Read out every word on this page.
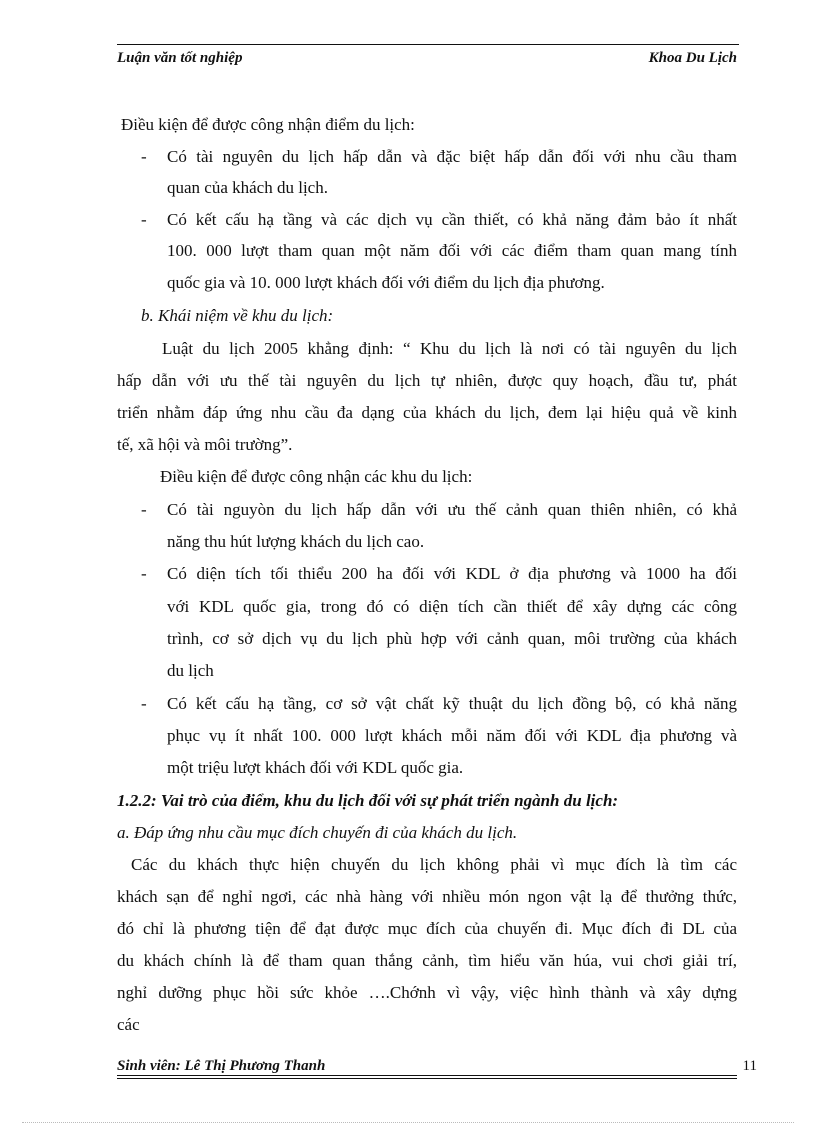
Luận văn tốt nghiệp	Khoa Du Lịch
Điều kiện để được công nhận điểm du lịch:
- Có tài nguyên du lịch hấp dẫn và đặc biệt hấp dẫn đối với nhu cầu tham
quan của khách du lịch.
- Có kết cấu hạ tầng và các dịch vụ cần thiết, có khả năng đảm bảo ít nhất
100. 000 lượt tham quan một năm đối với các điểm tham quan mang tính
quốc gia và 10. 000 lượt khách đối với điểm du lịch địa phương.
b. Khái niệm về khu du lịch:
Luật du lịch 2005 khẳng định: “ Khu du lịch là nơi có tài nguyên du lịch
hấp dẫn với ưu thế tài nguyên du lịch tự nhiên, được quy hoạch, đầu tư, phát
triển nhằm đáp ứng nhu cầu đa dạng của khách du lịch, đem lại hiệu quả về kinh
tế, xã hội và môi trường”.
Điều kiện để được công nhận các khu du lịch:
- Có tài nguyòn du lịch hấp dẫn với ưu thế cảnh quan thiên nhiên, có khả
năng thu hút lượng khách du lịch cao.
- Có diện tích tối thiểu 200 ha đối với KDL ở địa phương và 1000 ha đối
với KDL quốc gia, trong đó có diện tích cần thiết để xây dựng các công
trình, cơ sở dịch vụ du lịch phù hợp với cảnh quan, môi trường của khách
du lịch
- Có kết cấu hạ tầng, cơ sở vật chất kỹ thuật du lịch đồng bộ, có khả năng
phục vụ ít nhất 100. 000 lượt khách mỗi năm đối với KDL địa phương và
một triệu lượt khách đối với KDL quốc gia.
1.2.2: Vai trò của điểm, khu du lịch đối với sự phát triển ngành du lịch:
a. Đáp ứng nhu cầu mục đích chuyến đi của khách du lịch.
Các du khách thực hiện chuyến du lịch không phải vì mục đích là tìm các
khách sạn để nghỉ ngơi, các nhà hàng với nhiều món ngon vật lạ để thưởng thức,
đó chỉ là phương tiện để đạt được mục đích của chuyến đi. Mục đích đi DL của
du khách chính là để tham quan thắng cảnh, tìm hiểu văn húa, vui chơi giải trí,
nghỉ dưỡng phục hồi sức khỏe ….Chớnh vì vậy, việc hình thành và xây dựng
các
Sinh viên: Lê Thị Phương Thanh	11
